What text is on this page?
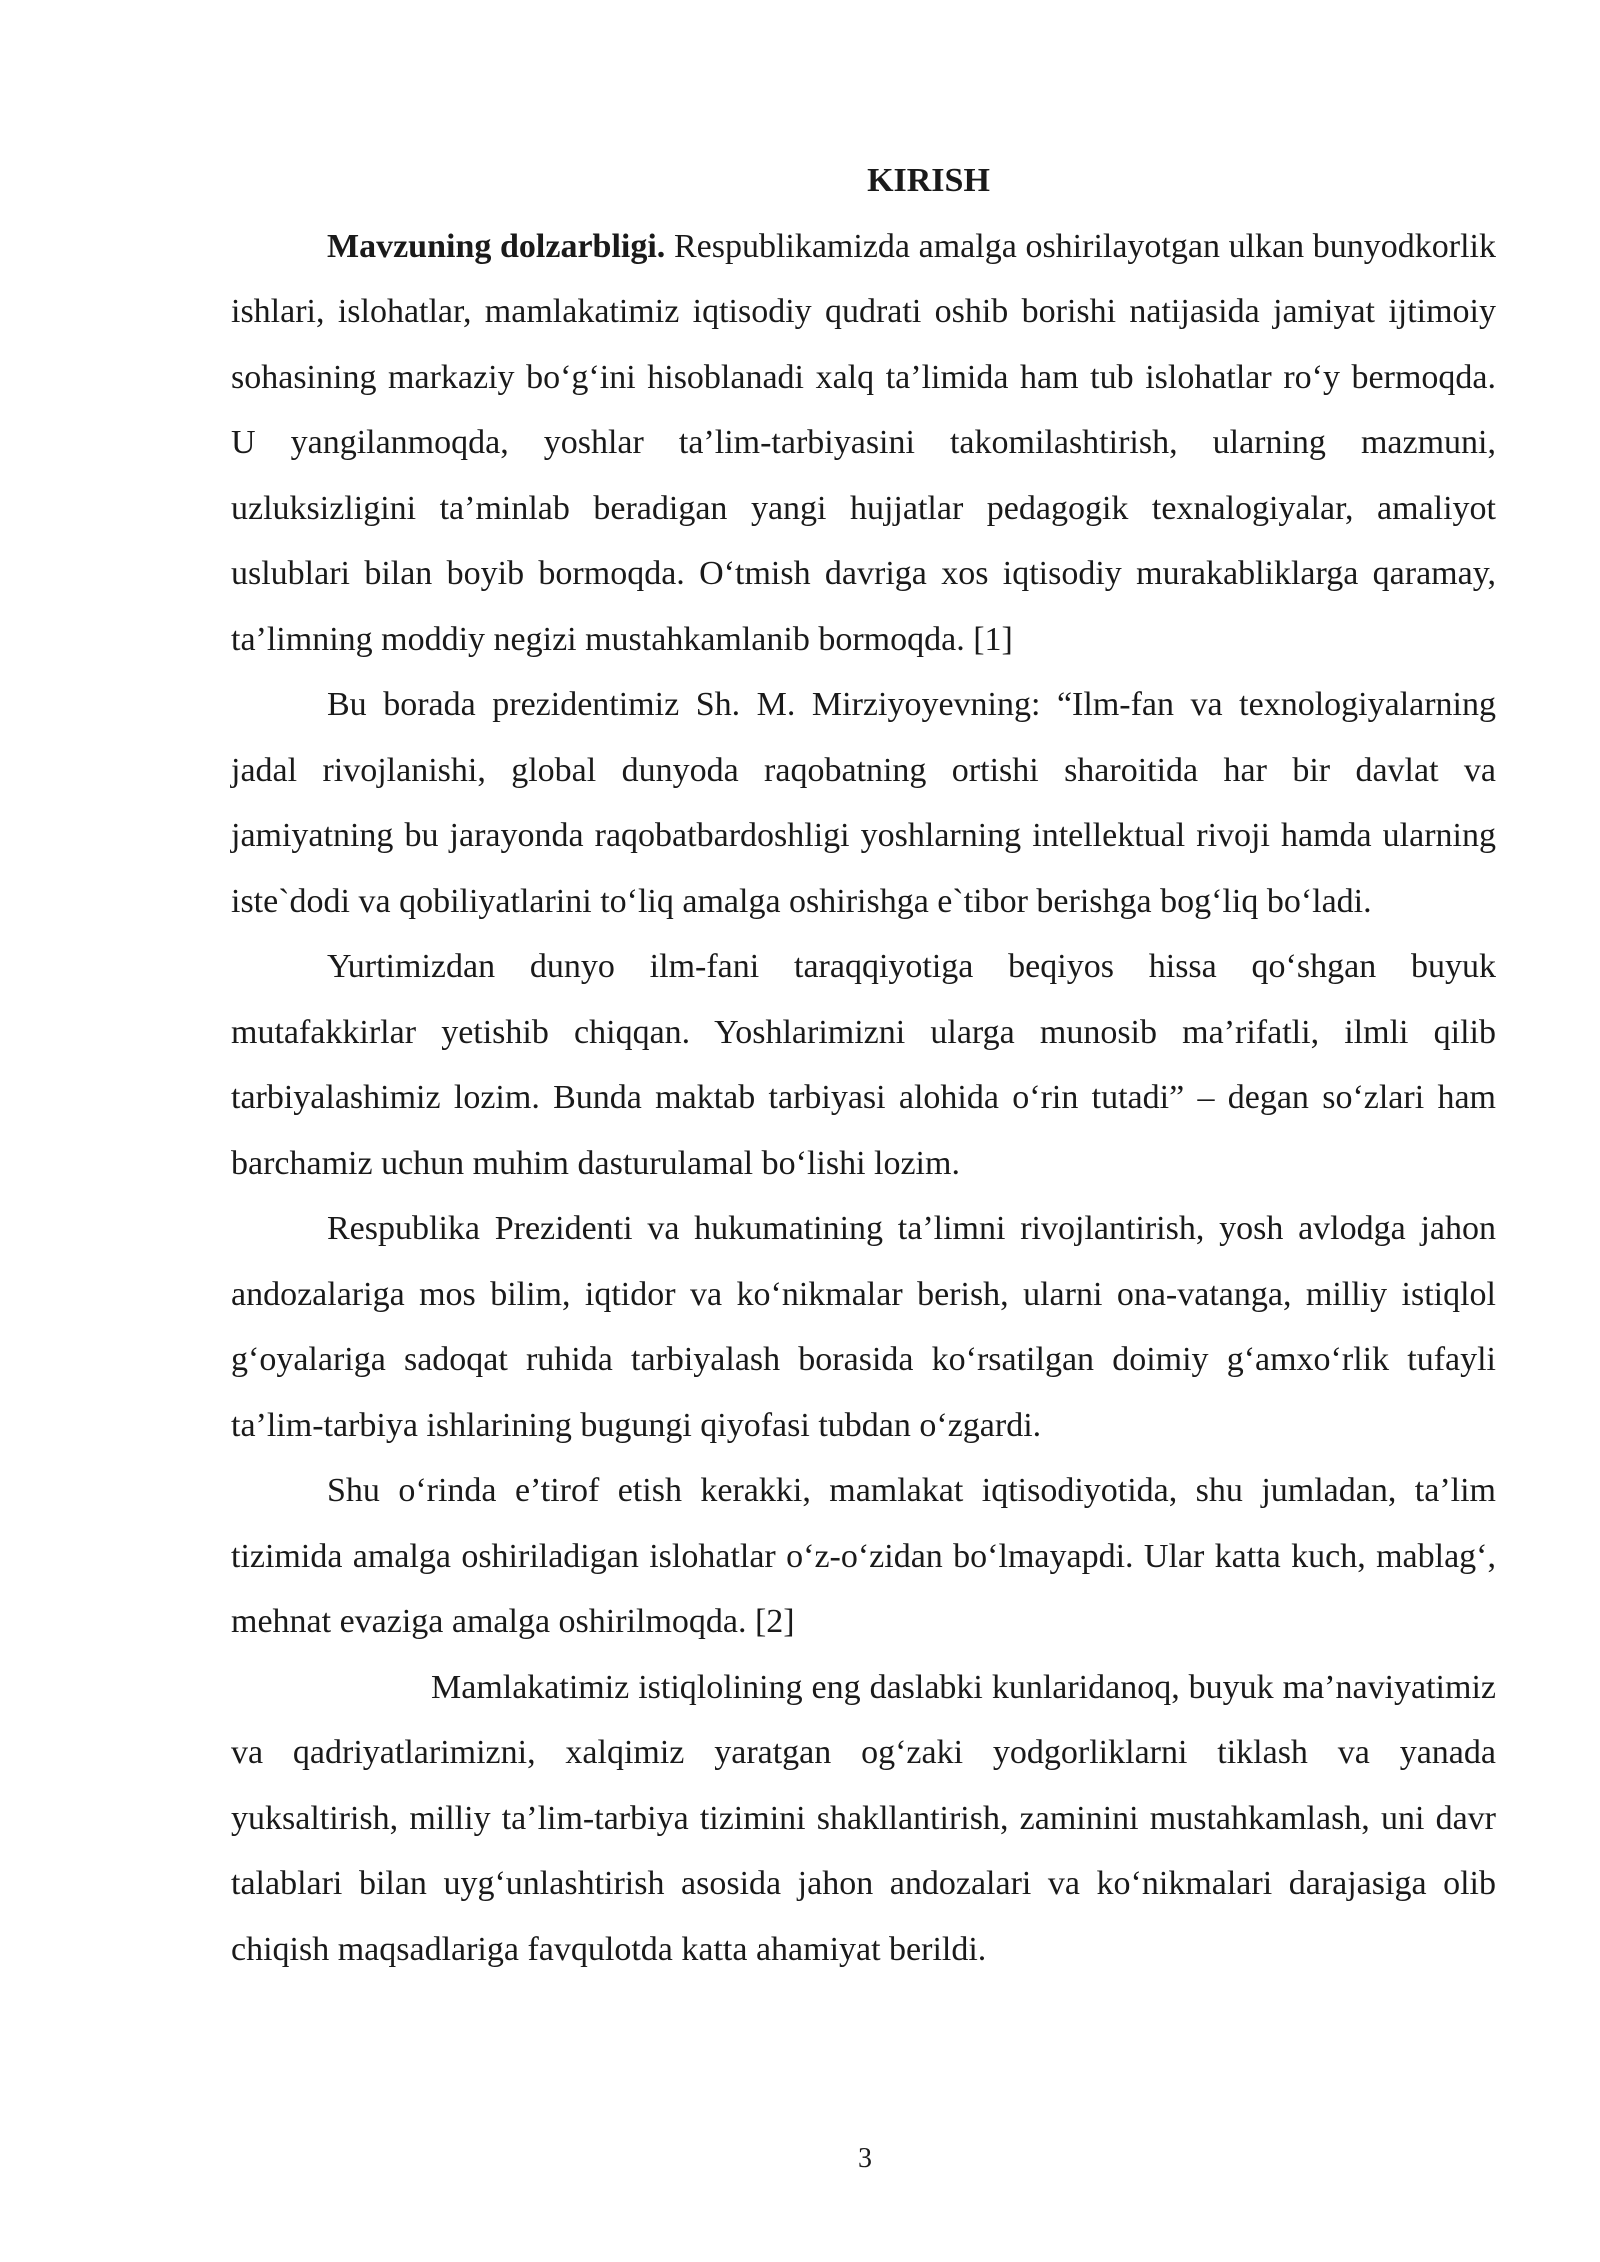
KIRISH

Mavzuning dolzarbligi. Respublikamizda amalga oshirilayotgan ulkan bunyodkorlik ishlari, islohatlar, mamlakatimiz iqtisodiy qudrati oshib borishi natijasida jamiyat ijtimoiy sohasining markaziy bo‘g‘ini hisoblanadi xalq ta’limida ham tub islohatlar ro‘y bermoqda. U yangilanmoqda, yoshlar ta’lim-tarbiyasini takomilashtirish, ularning mazmuni, uzluksizligini ta’minlab beradigan yangi hujjatlar pedagogik texnalogiyalar, amaliyot uslublari bilan boyib bormoqda. O‘tmish davriga xos iqtisodiy murakabliklarga qaramay, ta’limning moddiy negizi mustahkamlanib bormoqda. [1]

Bu borada prezidentimiz Sh. M. Mirziyoyevning: “Ilm-fan va texnologiyalarning jadal rivojlanishi, global dunyoda raqobatning ortishi sharoitida har bir davlat va jamiyatning bu jarayonda raqobatbardoshligi yoshlarning intellektual rivoji hamda ularning iste`dodi va qobiliyatlarini to‘liq amalga oshirishga e`tibor berishga bog‘liq bo‘ladi.

Yurtimizdan dunyo ilm-fani taraqqiyotiga beqiyos hissa qo‘shgan buyuk mutafakkirlar yetishib chiqqan. Yoshlarimizni ularga munosib ma’rifatli, ilmli qilib tarbiyalashimiz lozim. Bunda maktab tarbiyasi alohida o‘rin tutadi” – degan so‘zlari ham barchamiz uchun muhim dasturulamal bo‘lishi lozim.

Respublika Prezidenti va hukumatining ta’limni rivojlantirish, yosh avlodga jahon andozalariga mos bilim, iqtidor va ko‘nikmalar berish, ularni ona-vatanga, milliy istiqlol g‘oyalariga sadoqat ruhida tarbiyalash borasida ko‘rsatilgan doimiy g‘amxo‘rlik tufayli ta’lim-tarbiya ishlarining bugungi qiyofasi tubdan o‘zgardi.

Shu o‘rinda e’tirof etish kerakki, mamlakat iqtisodiyotida, shu jumladan, ta’lim tizimida amalga oshiriladigan islohatlar o‘z-o‘zidan bo‘lmayapdi. Ular katta kuch, mablag‘, mehnat evaziga amalga oshirilmoqda. [2]

Mamlakatimiz istiqlolining eng daslabki kunlaridanoq, buyuk ma’naviyatimiz va qadriyatlarimizni, xalqimiz yaratgan og‘zaki yodgorliklarni tiklash va yanada yuksaltirish, milliy ta’lim-tarbiya tizimini shakllantirish, zaminini mustahkamlash, uni davr talablari bilan uyg‘unlashtirish asosida jahon andozalari va ko‘nikmalari darajasiga olib chiqish maqsadlariga favqulotda katta ahamiyat berildi.

3
